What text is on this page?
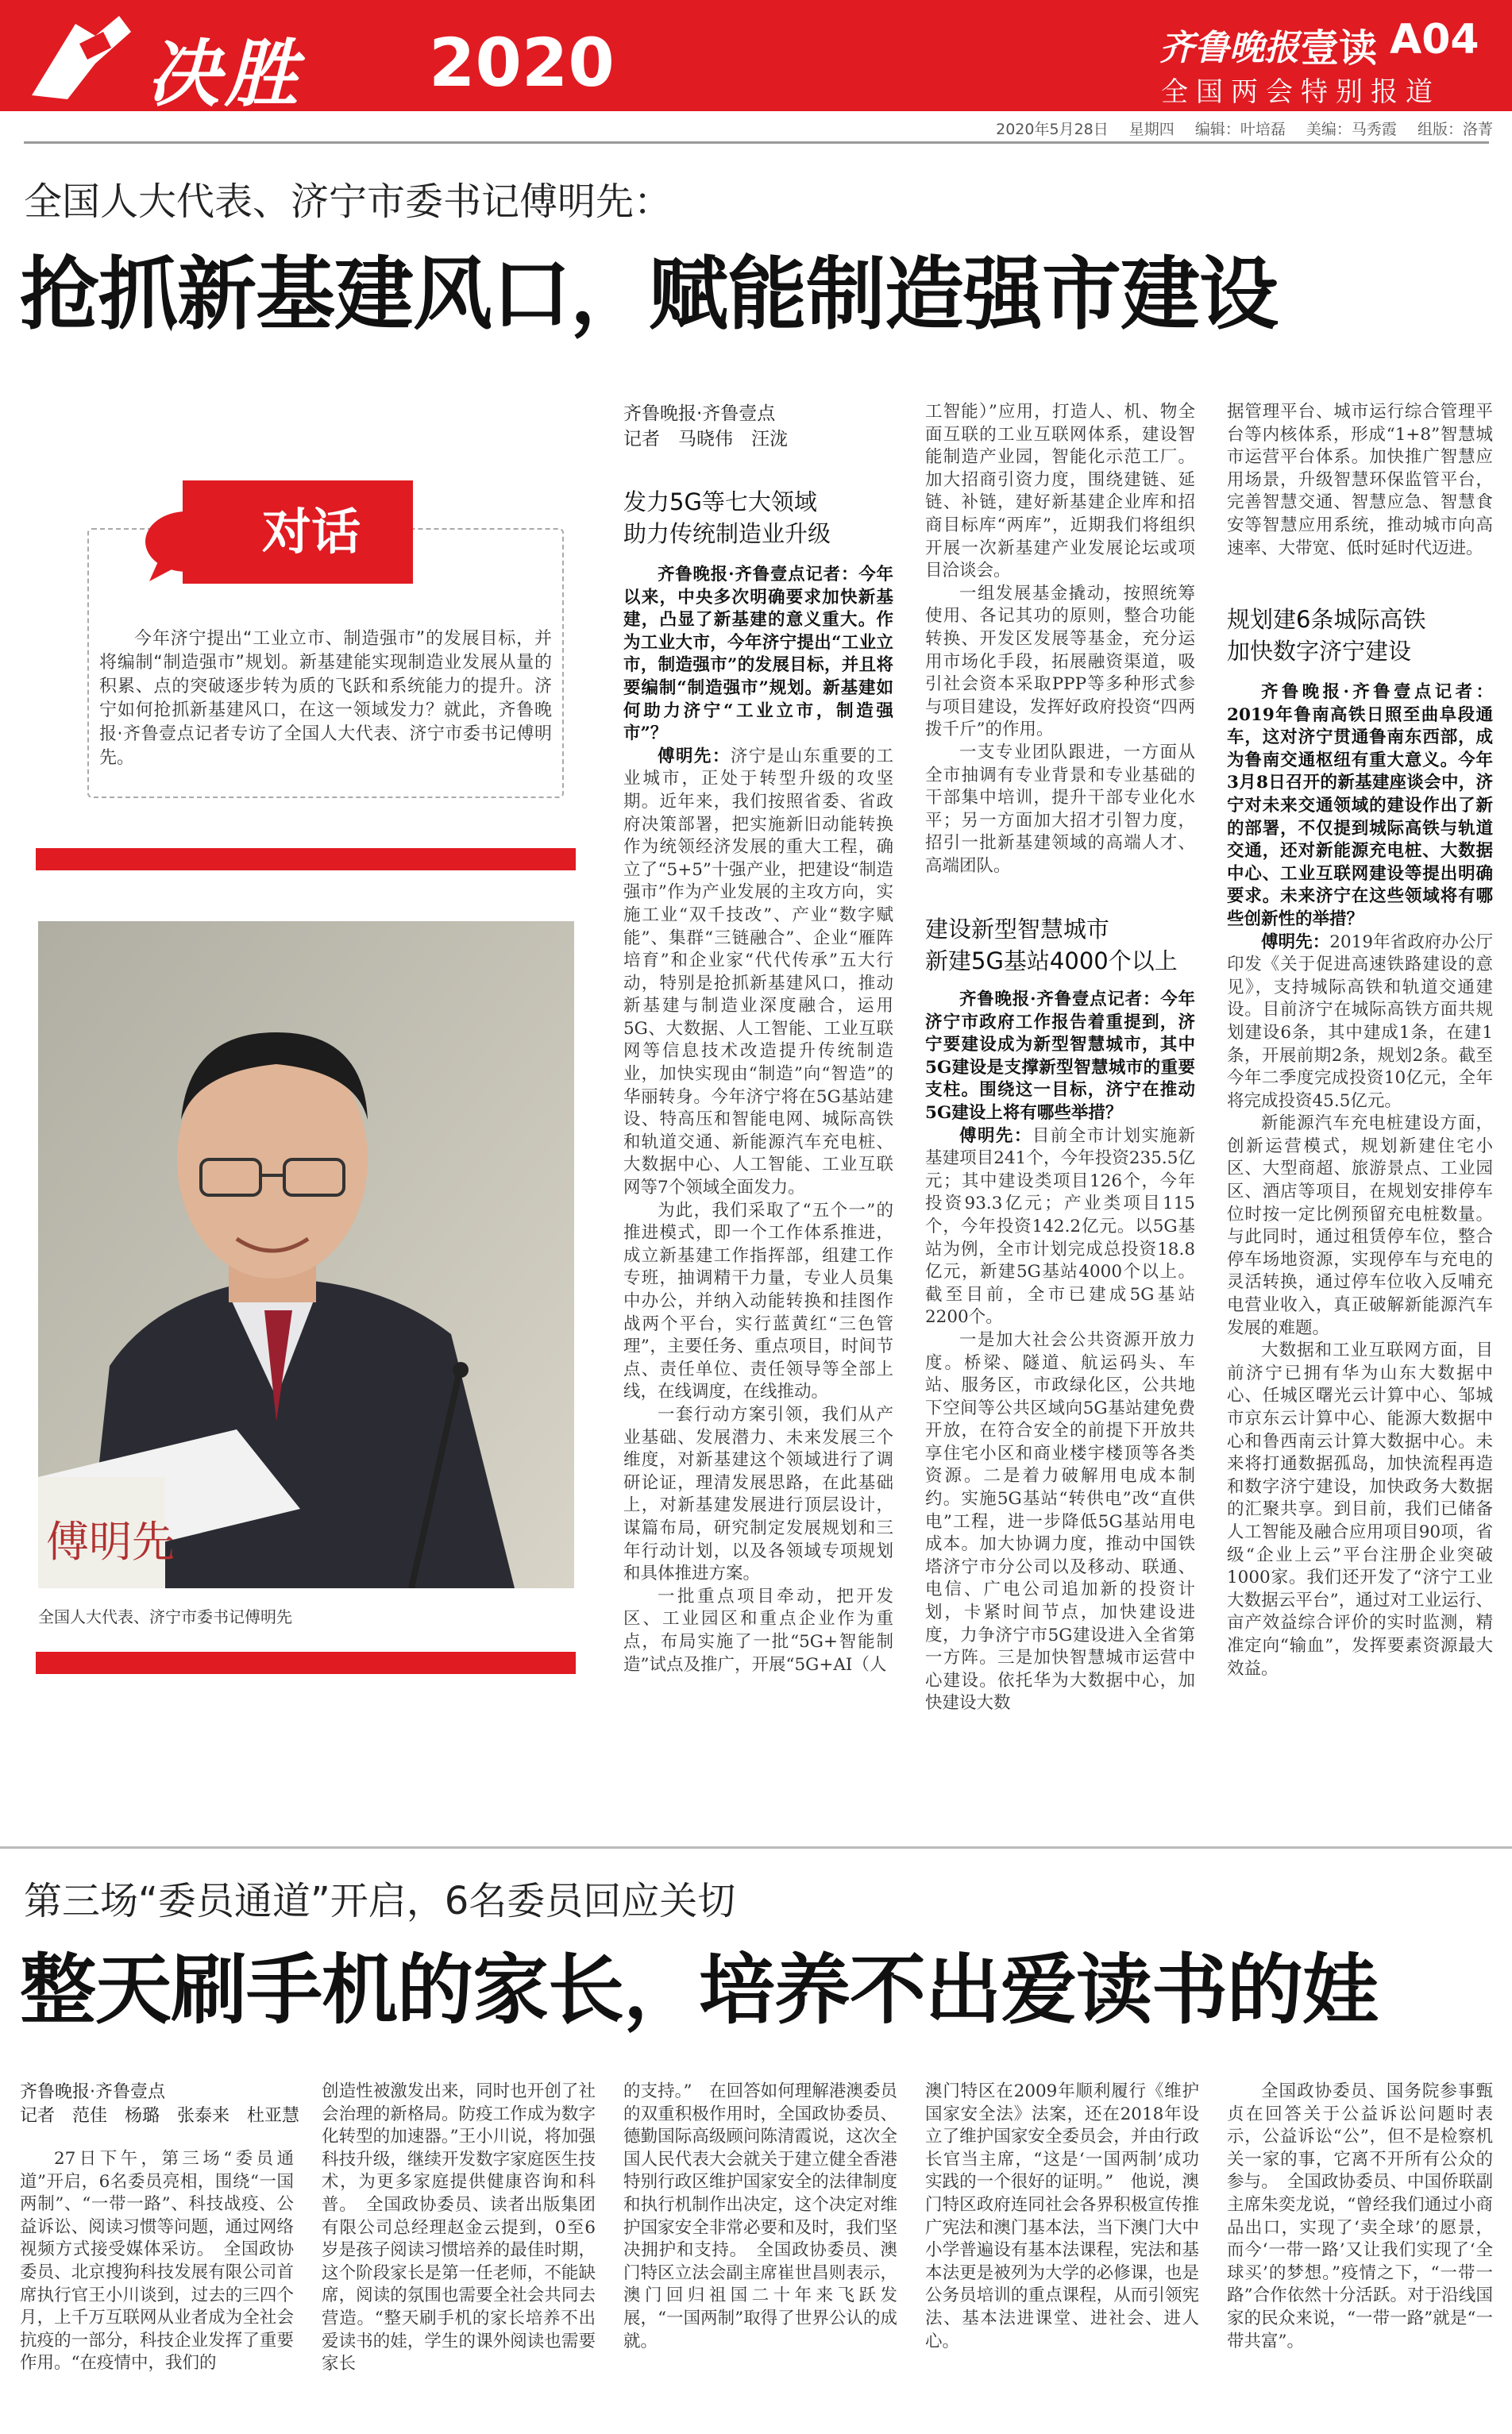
决胜 2020	齐鲁晚报 壹读 A04
全国两会特别报道
2020年5月28日 星期四 编辑：叶培磊 美编：马秀霞 组版：洛菁
全国人大代表、济宁市委书记傅明先：
抢抓新基建风口，赋能制造强市建设
对话
今年济宁提出“工业立市、制造强市”的发展目标，并将编制“制造强市”规划。新基建能实现制造业发展从量的积累、点的突破逐步转为质的飞跃和系统能力的提升。济宁如何抢抓新基建风口，在这一领域发力？就此，齐鲁晚报·齐鲁壹点记者专访了全国人大代表、济宁市委书记傅明先。
傅明先
全国人大代表、济宁市委书记傅明先
齐鲁晚报·齐鲁壹点
记者　马晓伟　汪泷
发力5G等七大领域
助力传统制造业升级

齐鲁晚报·齐鲁壹点记者：今年以来，中央多次明确要求加快新基建，凸显了新基建的意义重大。作为工业大市，今年济宁提出“工业立市，制造强市”的发展目标，并且将要编制“制造强市”规划。新基建如何助力济宁“工业立市，制造强市”？

傅明先：济宁是山东重要的工业城市，正处于转型升级的攻坚期。近年来，我们按照省委、省政府决策部署，把实施新旧动能转换作为统领经济发展的重大工程，确立了“5+5”十强产业，把建设“制造强市”作为产业发展的主攻方向，实施工业“双千技改”、产业“数字赋能”、集群“三链融合”、企业“雁阵培育”和企业家“代代传承”五大行动，特别是抢抓新基建风口，推动新基建与制造业深度融合，运用5G、大数据、人工智能、工业互联网等信息技术改造提升传统制造业，加快实现由“制造”向“智造”的华丽转身。今年济宁将在5G基站建设、特高压和智能电网、城际高铁和轨道交通、新能源汽车充电桩、大数据中心、人工智能、工业互联网等7个领域全面发力。

为此，我们采取了“五个一”的推进模式，即一个工作体系推进，成立新基建工作指挥部，组建工作专班，抽调精干力量，专业人员集中办公，并纳入动能转换和挂图作战两个平台，实行蓝黄红“三色管理”，主要任务、重点项目，时间节点、责任单位、责任领导等全部上线，在线调度，在线推动。

一套行动方案引领，我们从产业基础、发展潜力、未来发展三个维度，对新基建这个领域进行了调研论证，理清发展思路，在此基础上，对新基建发展进行顶层设计，谋篇布局，研究制定发展规划和三年行动计划，以及各领域专项规划和具体推进方案。

一批重点项目牵动，把开发区、工业园区和重点企业作为重点，布局实施了一批“5G+智能制造”试点及推广，开展“5G+AI（人

工智能）”应用，打造人、机、物全面互联的工业互联网体系，建设智能制造产业园，智能化示范工厂。加大招商引资力度，围绕建链、延链、补链，建好新基建企业库和招商目标库“两库”，近期我们将组织开展一次新基建产业发展论坛或项目洽谈会。

一组发展基金撬动，按照统筹使用、各记其功的原则，整合功能转换、开发区发展等基金，充分运用市场化手段，拓展融资渠道，吸引社会资本采取PPP等多种形式参与项目建设，发挥好政府投资“四两拨千斤”的作用。

一支专业团队跟进，一方面从全市抽调有专业背景和专业基础的干部集中培训，提升干部专业化水平；另一方面加大招才引智力度，招引一批新基建领域的高端人才、高端团队。

建设新型智慧城市
新建5G基站4000个以上

齐鲁晚报·齐鲁壹点记者：今年济宁市政府工作报告着重提到，济宁要建设成为新型智慧城市，其中5G建设是支撑新型智慧城市的重要支柱。围绕这一目标，济宁在推动5G建设上将有哪些举措？

傅明先：目前全市计划实施新基建项目241个，今年投资235.5亿元；其中建设类项目126个，今年投资93.3亿元；产业类项目115个，今年投资142.2亿元。以5G基站为例，全市计划完成总投资18.8亿元，新建5G基站4000个以上。截至目前，全市已建成5G基站2200个。

一是加大社会公共资源开放力度。桥梁、隧道、航运码头、车站、服务区，市政绿化区，公共地下空间等公共区域向5G基站建免费开放，在符合安全的前提下开放共享住宅小区和商业楼宇楼顶等各类资源。二是着力破解用电成本制约。实施5G基站“转供电”改“直供电”工程，进一步降低5G基站用电成本。加大协调力度，推动中国铁塔济宁市分公司以及移动、联通、电信、广电公司追加新的投资计划，卡紧时间节点，加快建设进度，力争济宁市5G建设进入全省第一方阵。三是加快智慧城市运营中心建设。依托华为大数据中心，加快建设大数

据管理平台、城市运行综合管理平台等内核体系，形成“1+8”智慧城市运营平台体系。加快推广智慧应用场景，升级智慧环保监管平台，完善智慧交通、智慧应急、智慧食安等智慧应用系统，推动城市向高速率、大带宽、低时延时代迈进。

规划建6条城际高铁
加快数字济宁建设

齐鲁晚报·齐鲁壹点记者：2019年鲁南高铁日照至曲阜段通车，这对济宁贯通鲁南东西部，成为鲁南交通枢纽有重大意义。今年3月8日召开的新基建座谈会中，济宁对未来交通领域的建设作出了新的部署，不仅提到城际高铁与轨道交通，还对新能源充电桩、大数据中心、工业互联网建设等提出明确要求。未来济宁在这些领域将有哪些创新性的举措？

傅明先：2019年省政府办公厅印发《关于促进高速铁路建设的意见》，支持城际高铁和轨道交通建设。目前济宁在城际高铁方面共规划建设6条，其中建成1条，在建1条，开展前期2条，规划2条。截至今年二季度完成投资10亿元，全年将完成投资45.5亿元。

新能源汽车充电桩建设方面，创新运营模式，规划新建住宅小区、大型商超、旅游景点、工业园区、酒店等项目，在规划安排停车位时按一定比例预留充电桩数量。与此同时，通过租赁停车位，整合停车场地资源，实现停车与充电的灵活转换，通过停车位收入反哺充电营业收入，真正破解新能源汽车发展的难题。

大数据和工业互联网方面，目前济宁已拥有华为山东大数据中心、任城区曙光云计算中心、邹城市京东云计算中心、能源大数据中心和鲁西南云计算大数据中心。未来将打通数据孤岛，加快流程再造和数字济宁建设，加快政务大数据的汇聚共享。到目前，我们已储备人工智能及融合应用项目90项，省级“企业上云”平台注册企业突破1000家。我们还开发了“济宁工业大数据云平台”，通过对工业运行、亩产效益综合评价的实时监测，精准定向“输血”，发挥要素资源最大效益。

第三场“委员通道”开启，6名委员回应关切
整天刷手机的家长，培养不出爱读书的娃
齐鲁晚报·齐鲁壹点
记者　范佳　杨璐　张泰来　杜亚慧

27日下午，第三场“委员通道”开启，6名委员亮相，围绕“一国两制”、“一带一路”、科技战疫、公益诉讼、阅读习惯等问题，通过网络视频方式接受媒体采访。　全国政协委员、北京搜狗科技发展有限公司首席执行官王小川谈到，过去的三四个月，上千万互联网从业者成为全社会抗疫的一部分，科技企业发挥了重要作用。“在疫情中，我们的

创造性被激发出来，同时也开创了社会治理的新格局。防疫工作成为数字化转型的加速器。”王小川说，将加强科技升级，继续开发数字家庭医生技术，为更多家庭提供健康咨询和科普。　全国政协委员、读者出版集团有限公司总经理赵金云提到，0至6岁是孩子阅读习惯培养的最佳时期，这个阶段家长是第一任老师，不能缺席，阅读的氛围也需要全社会共同去营造。“整天刷手机的家长培养不出爱读书的娃，学生的课外阅读也需要家长

的支持。”　在回答如何理解港澳委员的双重积极作用时，全国政协委员、德勤国际高级顾问陈清霞说，这次全国人民代表大会就关于建立健全香港特别行政区维护国家安全的法律制度和执行机制作出决定，这个决定对维护国家安全非常必要和及时，我们坚决拥护和支持。　全国政协委员、澳门特区立法会副主席崔世昌则表示，澳门回归祖国二十年来飞跃发展，“一国两制”取得了世界公认的成就。

澳门特区在2009年顺利履行《维护国家安全法》法案，还在2018年设立了维护国家安全委员会，并由行政长官当主席，“这是‘一国两制’成功实践的一个很好的证明。”　他说，澳门特区政府连同社会各界积极宣传推广宪法和澳门基本法，当下澳门大中小学普遍设有基本法课程，宪法和基本法更是被列为大学的必修课，也是公务员培训的重点课程，从而引领宪法、基本法进课堂、进社会、进人心。

全国政协委员、国务院参事甄贞在回答关于公益诉讼问题时表示，公益诉讼“公”，但不是检察机关一家的事，它离不开所有公众的参与。　全国政协委员、中国侨联副主席朱奕龙说，“曾经我们通过小商品出口，实现了‘卖全球’的愿景，而今‘一带一路’又让我们实现了‘全球买’的梦想。”疫情之下，“一带一路”合作依然十分活跃。对于沿线国家的民众来说，“一带一路”就是“一带共富”。
